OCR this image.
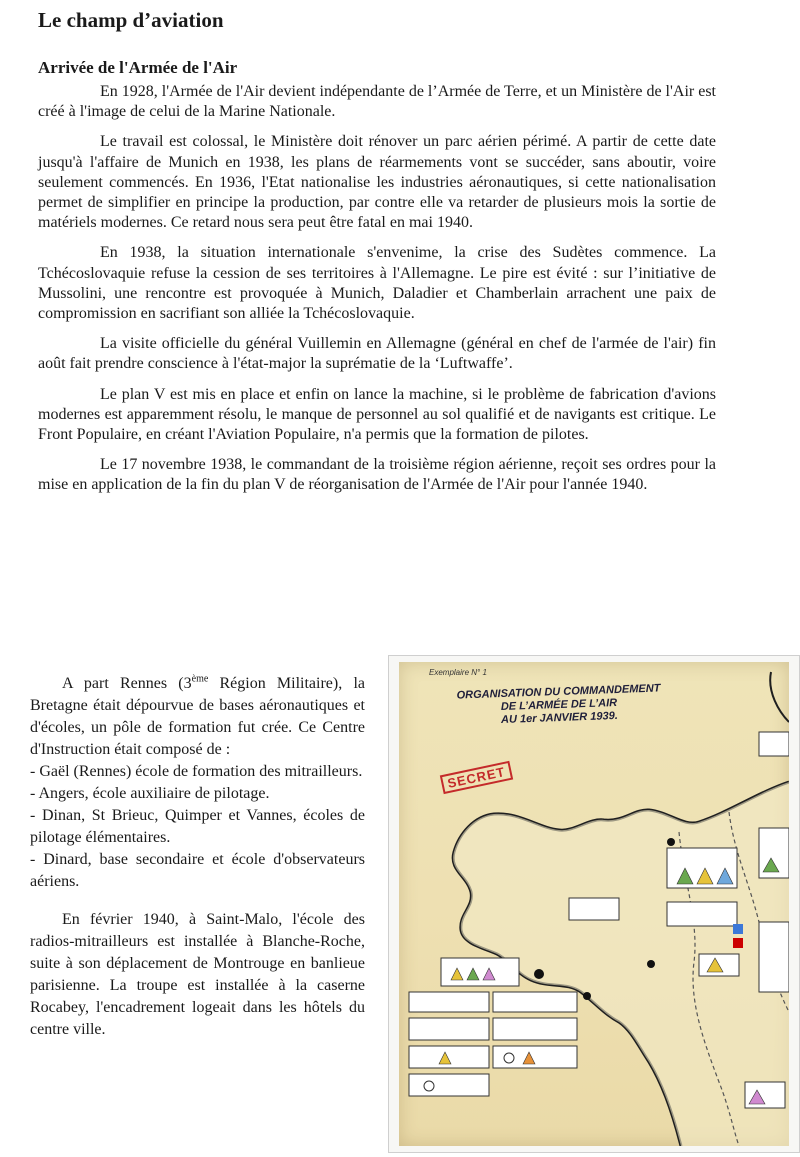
Le champ d’aviation
Arrivée de l'Armée de l'Air

En 1928, l'Armée de l'Air devient indépendante de l’Armée de Terre, et un Ministère de l'Air est créé à l'image de celui de la Marine Nationale.

Le travail est colossal, le Ministère doit rénover un parc aérien périmé. A partir de cette date jusqu'à l'affaire de Munich en 1938, les plans de réarmements vont se succéder, sans aboutir, voire seulement commencés. En 1936, l'Etat nationalise les industries aéronautiques, si cette nationalisation permet de simplifier en principe la production, par contre elle va retarder de plusieurs mois la sortie de matériels modernes. Ce retard nous sera peut être fatal en mai 1940.

En 1938, la situation internationale s'envenime, la crise des Sudètes commence. La Tchécoslovaquie refuse la cession de ses territoires à l'Allemagne. Le pire est évité : sur l’initiative de Mussolini, une rencontre est provoquée à Munich, Daladier et Chamberlain arrachent une paix de compromission en sacrifiant son alliée la Tchécoslovaquie.

La visite officielle du général Vuillemin en Allemagne (général en chef de l'armée de l'air) fin août fait prendre conscience à l'état-major la suprématie de la ‘Luftwaffe’.

Le plan V est mis en place et enfin on lance la machine, si le problème de fabrication d'avions modernes est apparemment résolu, le manque de personnel au sol qualifié et de navigants est critique. Le Front Populaire, en créant l'Aviation Populaire, n'a permis que la formation de pilotes.

Le 17 novembre 1938, le commandant de la troisième région aérienne, reçoit ses ordres pour la mise en application de la fin du plan V de réorganisation de l'Armée de l'Air pour l'année 1940.

A part Rennes (3ème Région Militaire), la Bretagne était dépourvue de bases aéronautiques et d'écoles, un pôle de formation fut crée. Ce Centre d'Instruction était composé de :

- Gaël (Rennes) école de formation des mitrailleurs.

- Angers, école auxiliaire de pilotage.

- Dinan, St Brieuc, Quimper et Vannes, écoles de pilotage élémentaires.

- Dinard, base secondaire et école d'observateurs aériens.

En février 1940, à Saint-Malo, l'école des radios-mitrailleurs est installée à Blanche-Roche, suite à son déplacement de Montrouge en banlieue parisienne. La troupe est installée à la caserne Rocabey, l'encadrement logeait dans les hôtels du centre ville.

Exemplaire N° 1
ORGANISATION DU COMMANDEMENT
DE L’ARMÉE DE L’AIR
AU 1er JANVIER 1939.
SECRET
